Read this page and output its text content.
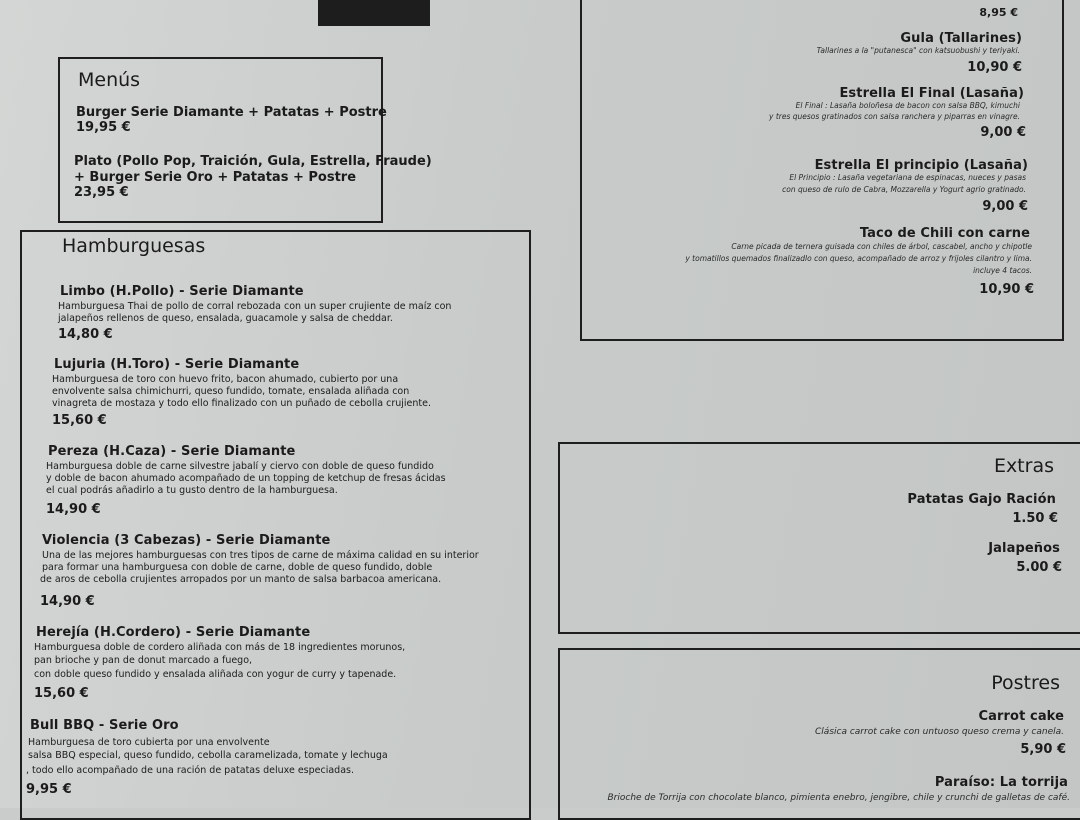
8,95 €
Gula (Tallarines)
Tallarines a la "putanesca" con katsuobushi y teriyaki.
10,90 €
Estrella El Final (Lasaña)
El Final : Lasaña boloñesa de bacon con salsa BBQ, kimuchi
y tres quesos gratinados con salsa ranchera y piparras en vinagre.
9,00 €
Estrella El principio (Lasaña)
El Principio : Lasaña vegetariana de espinacas, nueces y pasas
con queso de rulo de Cabra, Mozzarella y Yogurt agrio gratinado.
9,00 €
Taco de Chili con carne
Carne picada de ternera guisada con chiles de árbol, cascabel, ancho y chipotle
y tomatillos quemados finalizadlo con queso, acompañado de arroz y frijoles cilantro y lima.
incluye 4 tacos.
10,90 €
Menús
Burger Serie Diamante + Patatas + Postre
19,95 €
Plato (Pollo Pop, Traición, Gula, Estrella, Fraude)
+ Burger Serie Oro + Patatas + Postre
23,95 €
Hamburguesas
Limbo (H.Pollo) - Serie Diamante
Hamburguesa Thai de pollo de corral rebozada con un super crujiente de maíz con
jalapeños rellenos de queso, ensalada, guacamole y salsa de cheddar.
14,80 €
Lujuria (H.Toro) - Serie Diamante
Hamburguesa de toro con huevo frito, bacon ahumado, cubierto por una
envolvente salsa chimichurri, queso fundido, tomate, ensalada aliñada con
vinagreta de mostaza y todo ello finalizado con un puñado de cebolla crujiente.
15,60 €
Pereza (H.Caza) - Serie Diamante
Hamburguesa doble de carne silvestre jabalí y ciervo con doble de queso fundido
y doble de bacon ahumado acompañado de un topping de ketchup de fresas ácidas
el cual podrás añadirlo a tu gusto dentro de la hamburguesa.
14,90 €
Violencia (3 Cabezas) - Serie Diamante
Una de las mejores hamburguesas con tres tipos de carne de máxima calidad en su interior
para formar una hamburguesa con doble de carne, doble de queso fundido, doble
de aros de cebolla crujientes arropados por un manto de salsa barbacoa americana.
14,90 €
Herejía (H.Cordero) - Serie Diamante
Hamburguesa doble de cordero aliñada con más de 18 ingredientes morunos,
pan brioche y pan de donut marcado a fuego,
con doble queso fundido y ensalada aliñada con yogur de curry y tapenade.
15,60 €
Bull BBQ - Serie Oro
Hamburguesa de toro cubierta por una envolvente
salsa BBQ especial, queso fundido, cebolla caramelizada, tomate y lechuga
, todo ello acompañado de una ración de patatas deluxe especiadas.
9,95 €
Extras
Patatas Gajo Ración
1.50 €
Jalapeños
5.00 €
Postres
Carrot cake
Clásica carrot cake con untuoso queso crema y canela.
5,90 €
Paraíso: La torrija
Brioche de Torrija con chocolate blanco, pimienta enebro, jengibre, chile y crunchi de galletas de café.
